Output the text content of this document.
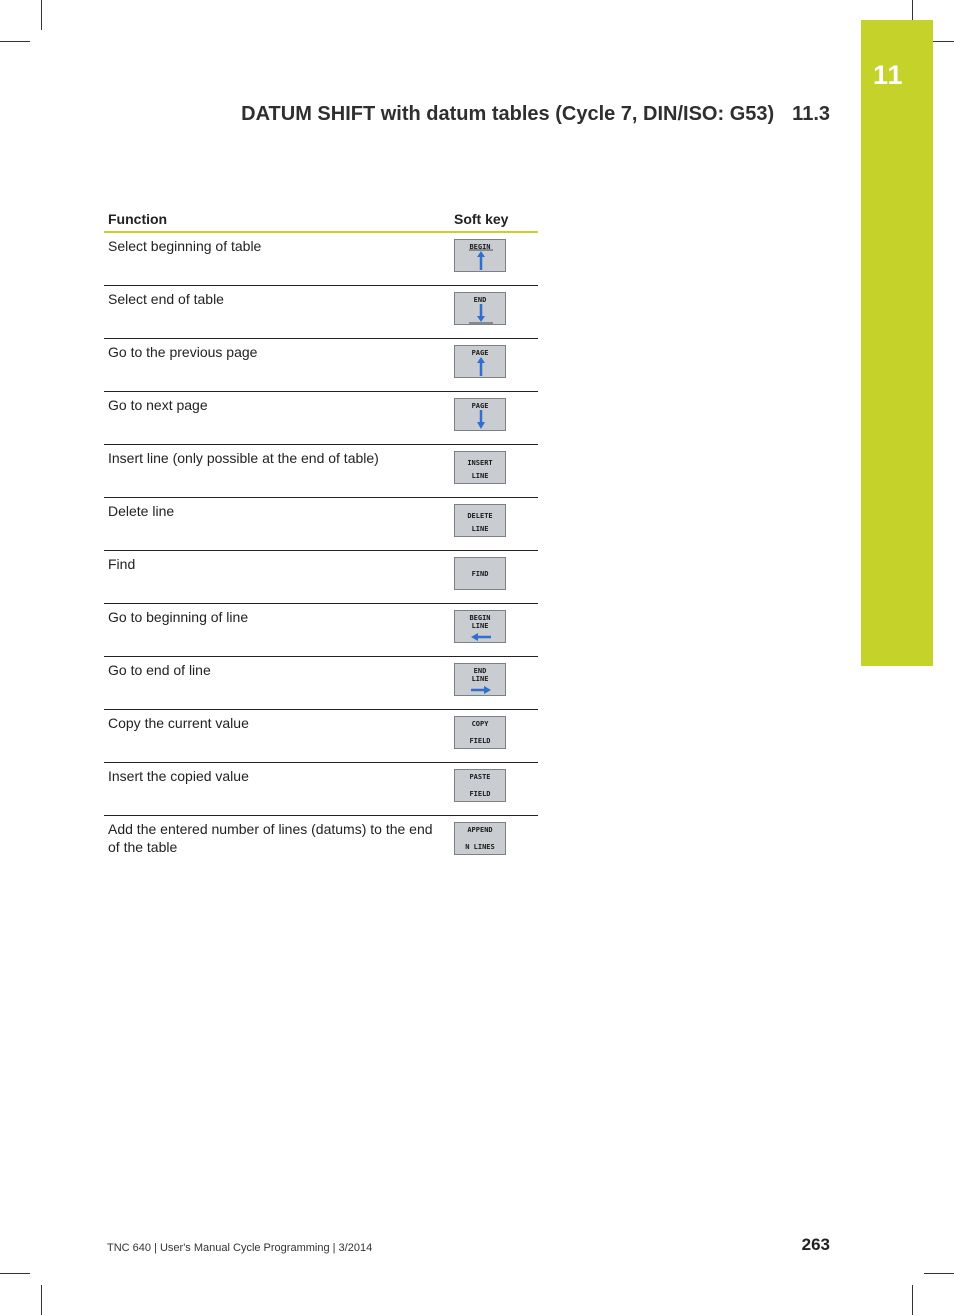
11
DATUM SHIFT with datum tables (Cycle 7, DIN/ISO: G53) 11.3
Function	Soft key
Select beginning of table	BEGIN

Select end of table	END

Go to the previous page	PAGE

Go to next page	PAGE

Insert line (only possible at the end of table)	INSERT
LINE

Delete line	DELETE
LINE

Find	FIND

Go to beginning of line	BEGIN
LINE

Go to end of line	END
LINE

Copy the current value	COPY
FIELD

Insert the copied value	PASTE
FIELD

Add the entered number of lines (datums) to the end of the table	APPEND
N LINES
TNC 640 | User's Manual Cycle Programming | 3/2014	263
